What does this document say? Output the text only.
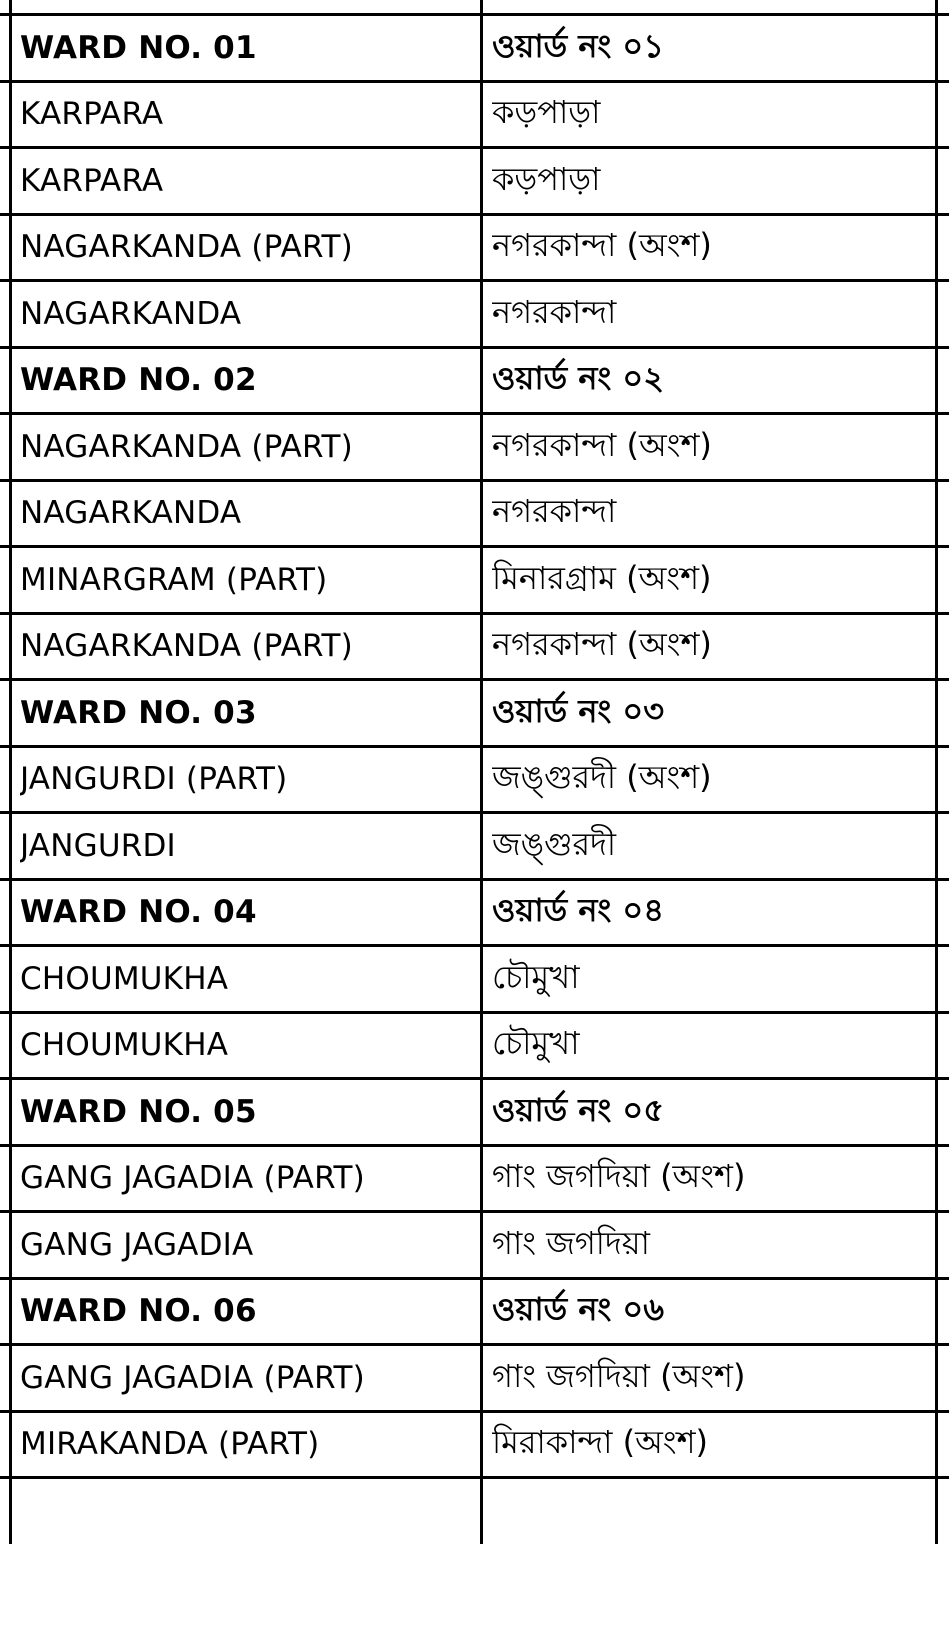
WARD NO. 01	ওয়ার্ড নং ০১
KARPARA	কড়পাড়া
KARPARA	কড়পাড়া
NAGARKANDA (PART)	নগরকান্দা (অংশ)
NAGARKANDA	নগরকান্দা
WARD NO. 02	ওয়ার্ড নং ০২
NAGARKANDA (PART)	নগরকান্দা (অংশ)
NAGARKANDA	নগরকান্দা
MINARGRAM (PART)	মিনারগ্রাম (অংশ)
NAGARKANDA (PART)	নগরকান্দা (অংশ)
WARD NO. 03	ওয়ার্ড নং ০৩
JANGURDI (PART)	জঙ্গুরদী (অংশ)
JANGURDI	জঙ্গুরদী
WARD NO. 04	ওয়ার্ড নং ০৪
CHOUMUKHA	চৌমুখা
CHOUMUKHA	চৌমুখা
WARD NO. 05	ওয়ার্ড নং ০৫
GANG JAGADIA (PART)	গাং জগদিয়া (অংশ)
GANG JAGADIA	গাং জগদিয়া
WARD NO. 06	ওয়ার্ড নং ০৬
GANG JAGADIA (PART)	গাং জগদিয়া (অংশ)
MIRAKANDA (PART)	মিরাকান্দা (অংশ)
